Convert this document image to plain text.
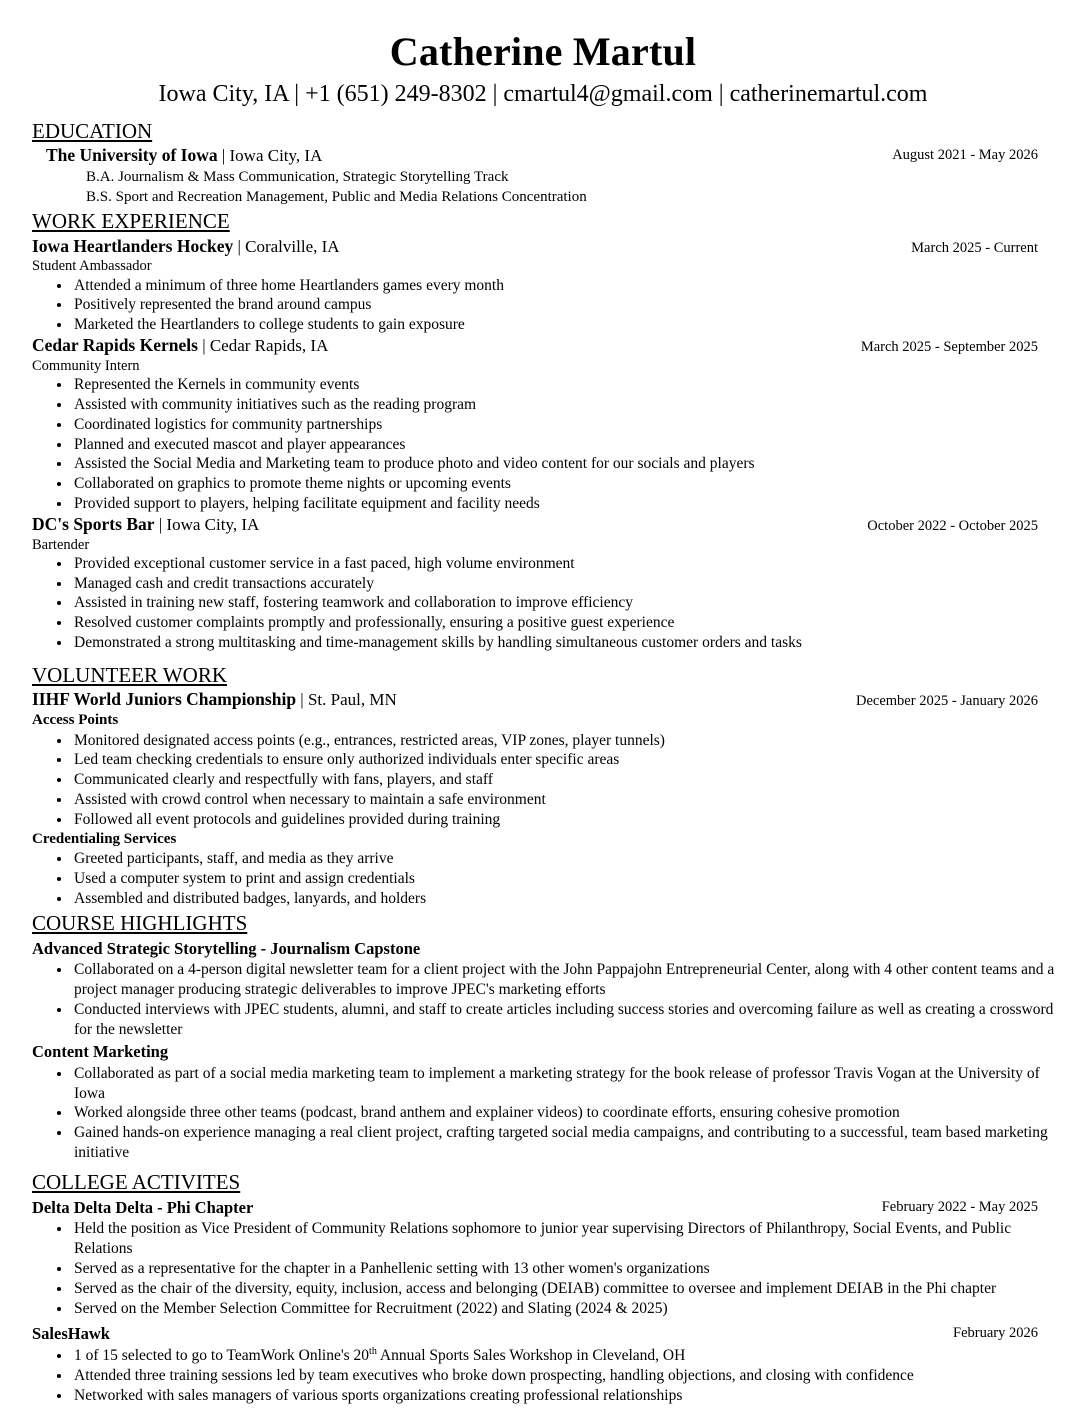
Catherine Martul
Iowa City, IA | +1 (651) 249-8302 | cmartul4@gmail.com | catherinemartul.com
EDUCATION
The University of Iowa | Iowa City, IA	August 2021 - May 2026
B.A. Journalism & Mass Communication, Strategic Storytelling Track
B.S. Sport and Recreation Management, Public and Media Relations Concentration
WORK EXPERIENCE
Iowa Heartlanders Hockey | Coralville, IA	March 2025 - Current
Student Ambassador
• Attended a minimum of three home Heartlanders games every month
• Positively represented the brand around campus
• Marketed the Heartlanders to college students to gain exposure
Cedar Rapids Kernels | Cedar Rapids, IA	March 2025 - September 2025
Community Intern
• Represented the Kernels in community events
• Assisted with community initiatives such as the reading program
• Coordinated logistics for community partnerships
• Planned and executed mascot and player appearances
• Assisted the Social Media and Marketing team to produce photo and video content for our socials and players
• Collaborated on graphics to promote theme nights or upcoming events
• Provided support to players, helping facilitate equipment and facility needs
DC's Sports Bar | Iowa City, IA	October 2022 - October 2025
Bartender
• Provided exceptional customer service in a fast paced, high volume environment
• Managed cash and credit transactions accurately
• Assisted in training new staff, fostering teamwork and collaboration to improve efficiency
• Resolved customer complaints promptly and professionally, ensuring a positive guest experience
• Demonstrated a strong multitasking and time-management skills by handling simultaneous customer orders and tasks
VOLUNTEER WORK
IIHF World Juniors Championship | St. Paul, MN	December 2025 - January 2026
Access Points
• Monitored designated access points (e.g., entrances, restricted areas, VIP zones, player tunnels)
• Led team checking credentials to ensure only authorized individuals enter specific areas
• Communicated clearly and respectfully with fans, players, and staff
• Assisted with crowd control when necessary to maintain a safe environment
• Followed all event protocols and guidelines provided during training
Credentialing Services
• Greeted participants, staff, and media as they arrive
• Used a computer system to print and assign credentials
• Assembled and distributed badges, lanyards, and holders
COURSE HIGHLIGHTS
Advanced Strategic Storytelling - Journalism Capstone
• Collaborated on a 4-person digital newsletter team for a client project with the John Pappajohn Entrepreneurial Center, along with 4 other content teams and a project manager producing strategic deliverables to improve JPEC's marketing efforts
• Conducted interviews with JPEC students, alumni, and staff to create articles including success stories and overcoming failure as well as creating a crossword for the newsletter
Content Marketing
• Collaborated as part of a social media marketing team to implement a marketing strategy for the book release of professor Travis Vogan at the University of Iowa
• Worked alongside three other teams (podcast, brand anthem and explainer videos) to coordinate efforts, ensuring cohesive promotion
• Gained hands-on experience managing a real client project, crafting targeted social media campaigns, and contributing to a successful, team based marketing initiative
COLLEGE ACTIVITES
Delta Delta Delta - Phi Chapter	February 2022 - May 2025
• Held the position as Vice President of Community Relations sophomore to junior year supervising Directors of Philanthropy, Social Events, and Public Relations
• Served as a representative for the chapter in a Panhellenic setting with 13 other women's organizations
• Served as the chair of the diversity, equity, inclusion, access and belonging (DEIAB) committee to oversee and implement DEIAB in the Phi chapter
• Served on the Member Selection Committee for Recruitment (2022) and Slating (2024 & 2025)
SalesHawk	February 2026
• 1 of 15 selected to go to TeamWork Online's 20th Annual Sports Sales Workshop in Cleveland, OH
• Attended three training sessions led by team executives who broke down prospecting, handling objections, and closing with confidence
• Networked with sales managers of various sports organizations creating professional relationships
